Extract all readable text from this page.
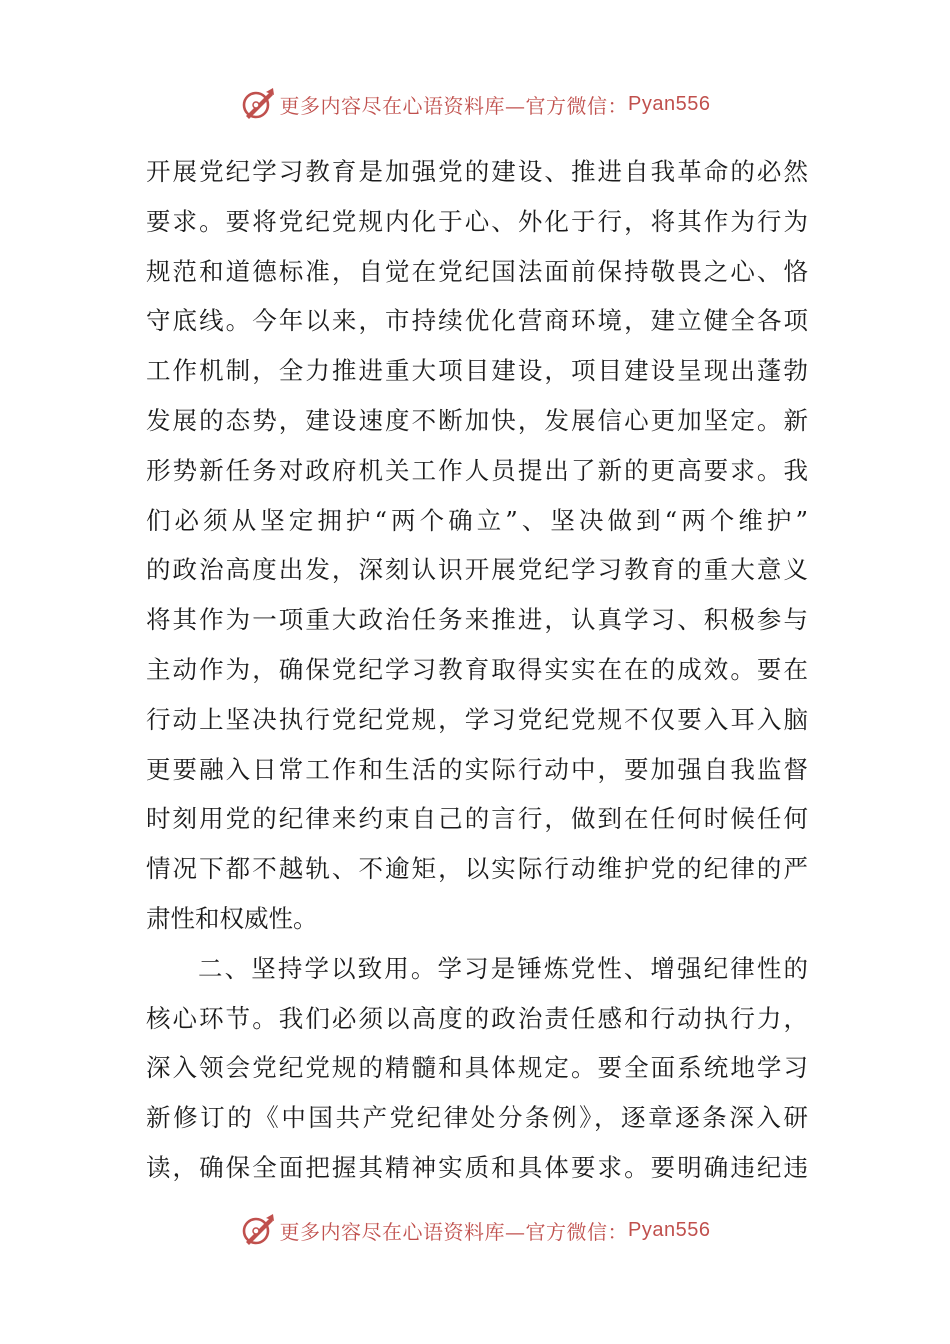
更多内容尽在心语资料库—官方微信： Pyan556
开展党纪学习教育是加强党的建设、推进自我革命的必然
要求。要将党纪党规内化于心、外化于行，将其作为行为
规范和道德标准，自觉在党纪国法面前保持敬畏之心、恪
守底线。今年以来，市持续优化营商环境，建立健全各项
工作机制，全力推进重大项目建设，项目建设呈现出蓬勃
发展的态势，建设速度不断加快，发展信心更加坚定。新
形势新任务对政府机关工作人员提出了新的更高要求。我
们必须从坚定拥护“两个确立”、坚决做到“两个维护”
的政治高度出发，深刻认识开展党纪学习教育的重大意义
将其作为一项重大政治任务来推进，认真学习、积极参与
主动作为，确保党纪学习教育取得实实在在的成效。要在
行动上坚决执行党纪党规，学习党纪党规不仅要入耳入脑
更要融入日常工作和生活的实际行动中，要加强自我监督
时刻用党的纪律来约束自己的言行，做到在任何时候任何
情况下都不越轨、不逾矩，以实际行动维护党的纪律的严
肃性和权威性。
二、坚持学以致用。学习是锤炼党性、增强纪律性的
核心环节。我们必须以高度的政治责任感和行动执行力，
深入领会党纪党规的精髓和具体规定。要全面系统地学习
新修订的《中国共产党纪律处分条例》，逐章逐条深入研
读，确保全面把握其精神实质和具体要求。要明确违纪违
更多内容尽在心语资料库—官方微信： Pyan556
